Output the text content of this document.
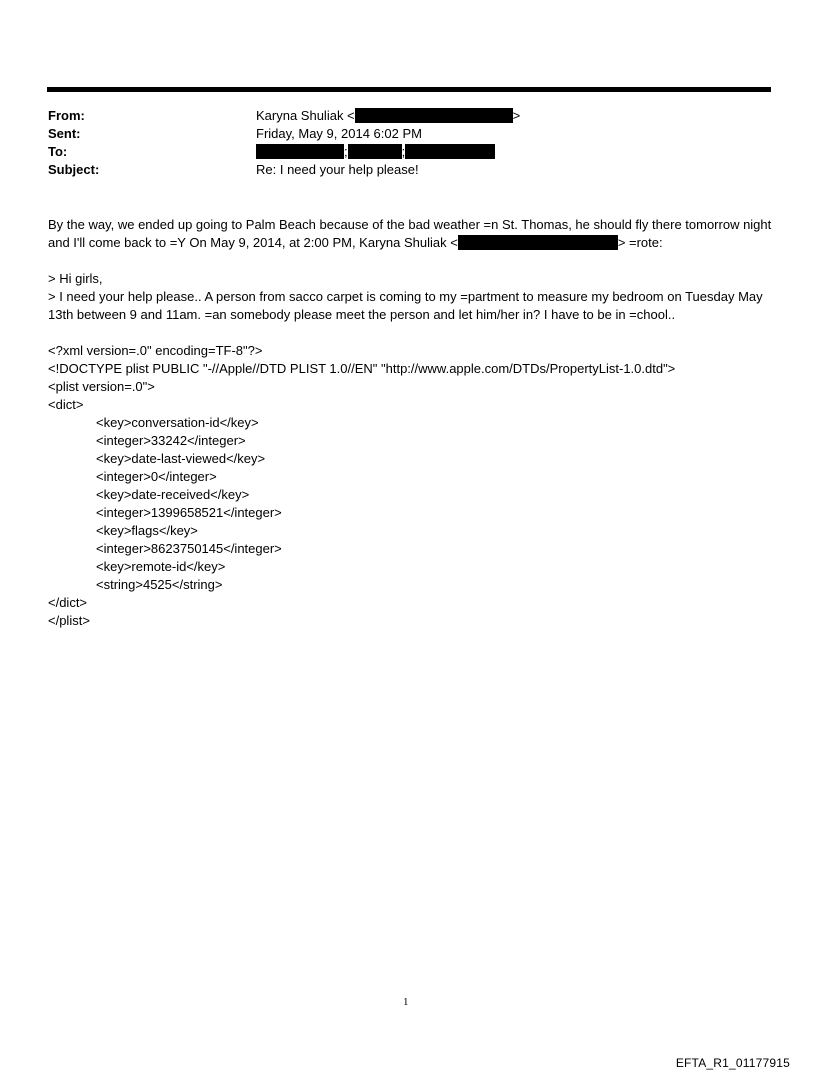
From:	Karyna Shuliak <	>
Sent:	Friday, May 9, 2014 6:02 PM
To:	;	;
Subject:	Re: I need your help please!

By the way, we ended up going to Palm Beach because of the bad weather =n St. Thomas, he should fly there tomorrow night and I'll come back to =Y On May 9, 2014, at 2:00 PM, Karyna Shuliak <	> =rote:

> Hi girls,

> I need your help please.. A person from sacco carpet is coming to my =partment to measure my bedroom on Tuesday May 13th between 9 and 11am. =an somebody please meet the person and let him/her in? I have to be in =chool..

<?xml version=.0" encoding=TF-8"?>
<!DOCTYPE plist PUBLIC "-//Apple//DTD PLIST 1.0//EN" "http://www.apple.com/DTDs/PropertyList-1.0.dtd">
<plist version=.0">
<dict>
<key>conversation-id</key>
<integer>33242</integer>
<key>date-last-viewed</key>
<integer>0</integer>
<key>date-received</key>
<integer>1399658521</integer>
<key>flags</key>
<integer>8623750145</integer>
<key>remote-id</key>
<string>4525</string>
</dict>
</plist>
1
EFTA_R1_01177915
